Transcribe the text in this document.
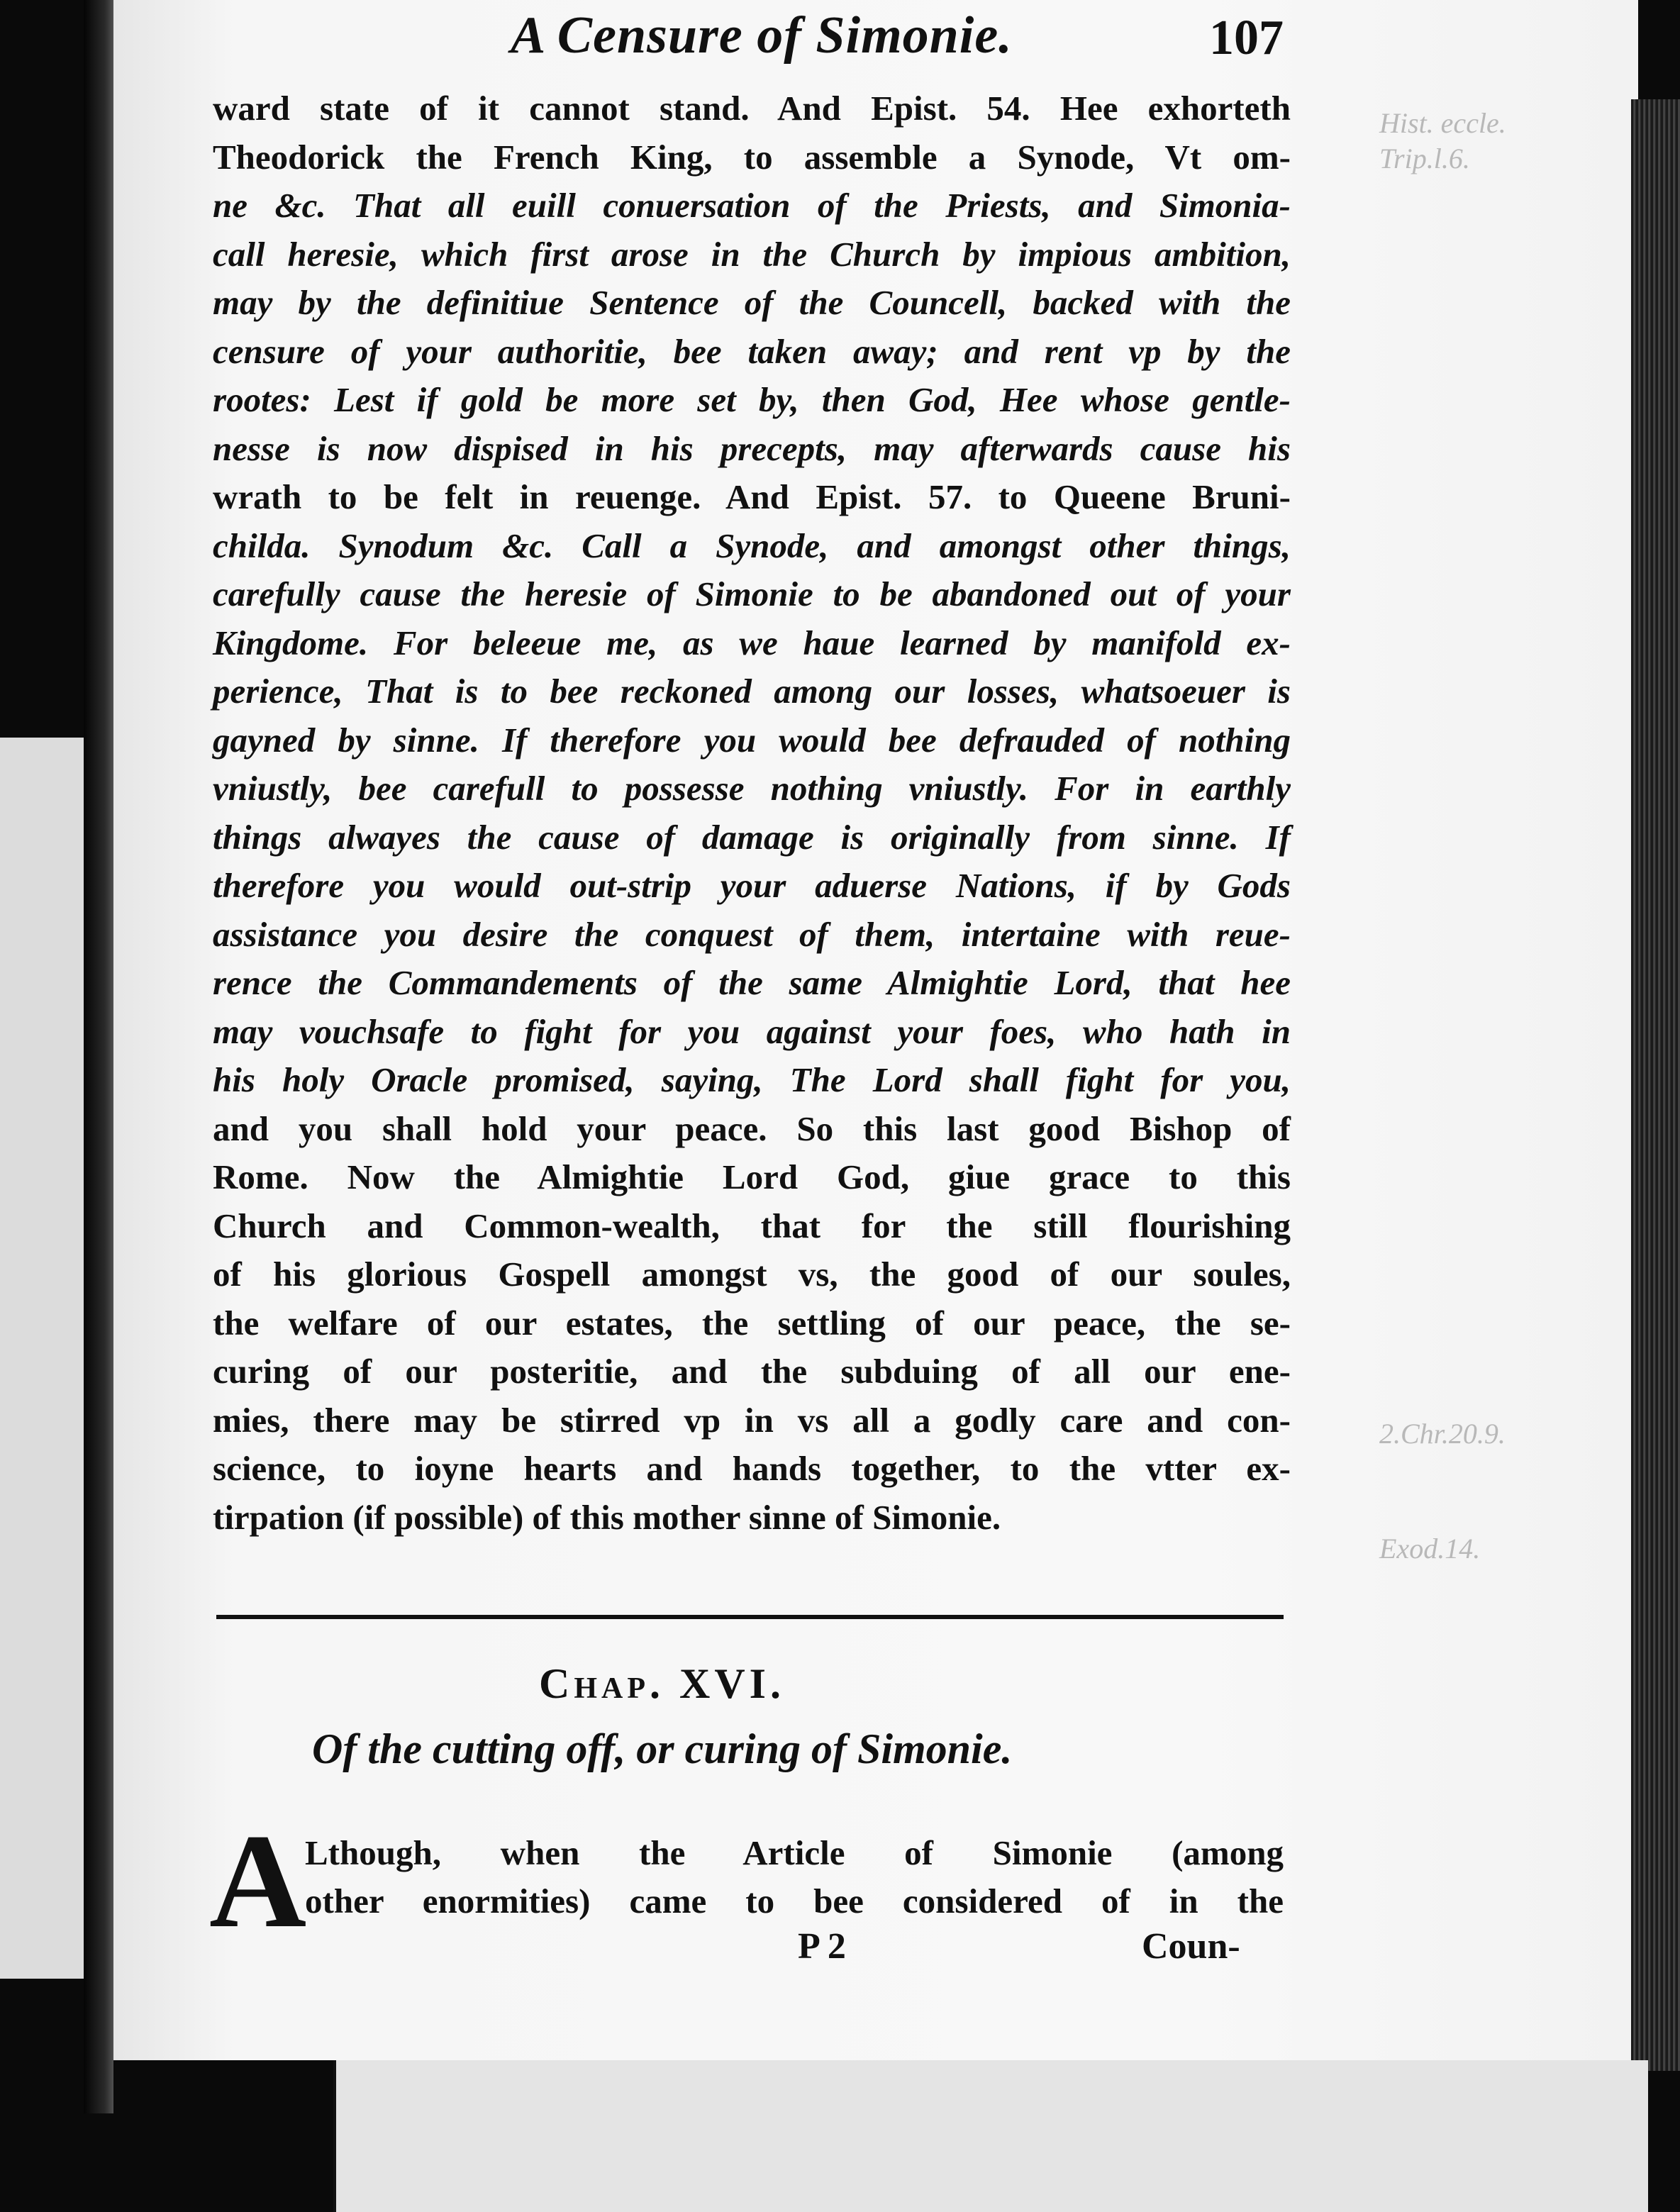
A Censure of Simonie.	107
Hist. eccle.
Trip.l.6.
2.Chr.20.9.
Exod.14.
ward state of it cannot stand. And Epist. 54. Hee exhorteth
Theodorick the French King, to assemble a Synode, Vt om-
ne &c. That all euill conuersation of the Priests, and Simonia-
call heresie, which first arose in the Church by impious ambition,
may by the definitiue Sentence of the Councell, backed with the
censure of your authoritie, bee taken away; and rent vp by the
rootes: Lest if gold be more set by, then God, Hee whose gentle-
nesse is now dispised in his precepts, may afterwards cause his
wrath to be felt in reuenge. And Epist. 57. to Queene Bruni-
childa. Synodum &c. Call a Synode, and amongst other things,
carefully cause the heresie of Simonie to be abandoned out of your
Kingdome. For beleeue me, as we haue learned by manifold ex-
perience, That is to bee reckoned among our losses, whatsoeuer is
gayned by sinne. If therefore you would bee defrauded of nothing
vniustly, bee carefull to possesse nothing vniustly. For in earthly
things alwayes the cause of damage is originally from sinne. If
therefore you would out-strip your aduerse Nations, if by Gods
assistance you desire the conquest of them, intertaine with reue-
rence the Commandements of the same Almightie Lord, that hee
may vouchsafe to fight for you against your foes, who hath in
his holy Oracle promised, saying, The Lord shall fight for you,
and you shall hold your peace. So this last good Bishop of
Rome. Now the Almightie Lord God, giue grace to this
Church and Common-wealth, that for the still flourishing
of his glorious Gospell amongst vs, the good of our soules,
the welfare of our estates, the settling of our peace, the se-
curing of our posteritie, and the subduing of all our ene-
mies, there may be stirred vp in vs all a godly care and con-
science, to ioyne hearts and hands together, to the vtter ex-
tirpation (if possible) of this mother sinne of Simonie.
Chap. XVI.
Of the cutting off, or curing of Simonie.
A
Lthough, when the Article of Simonie (among
other enormities) came to bee considered of in the
P 2	Coun-
